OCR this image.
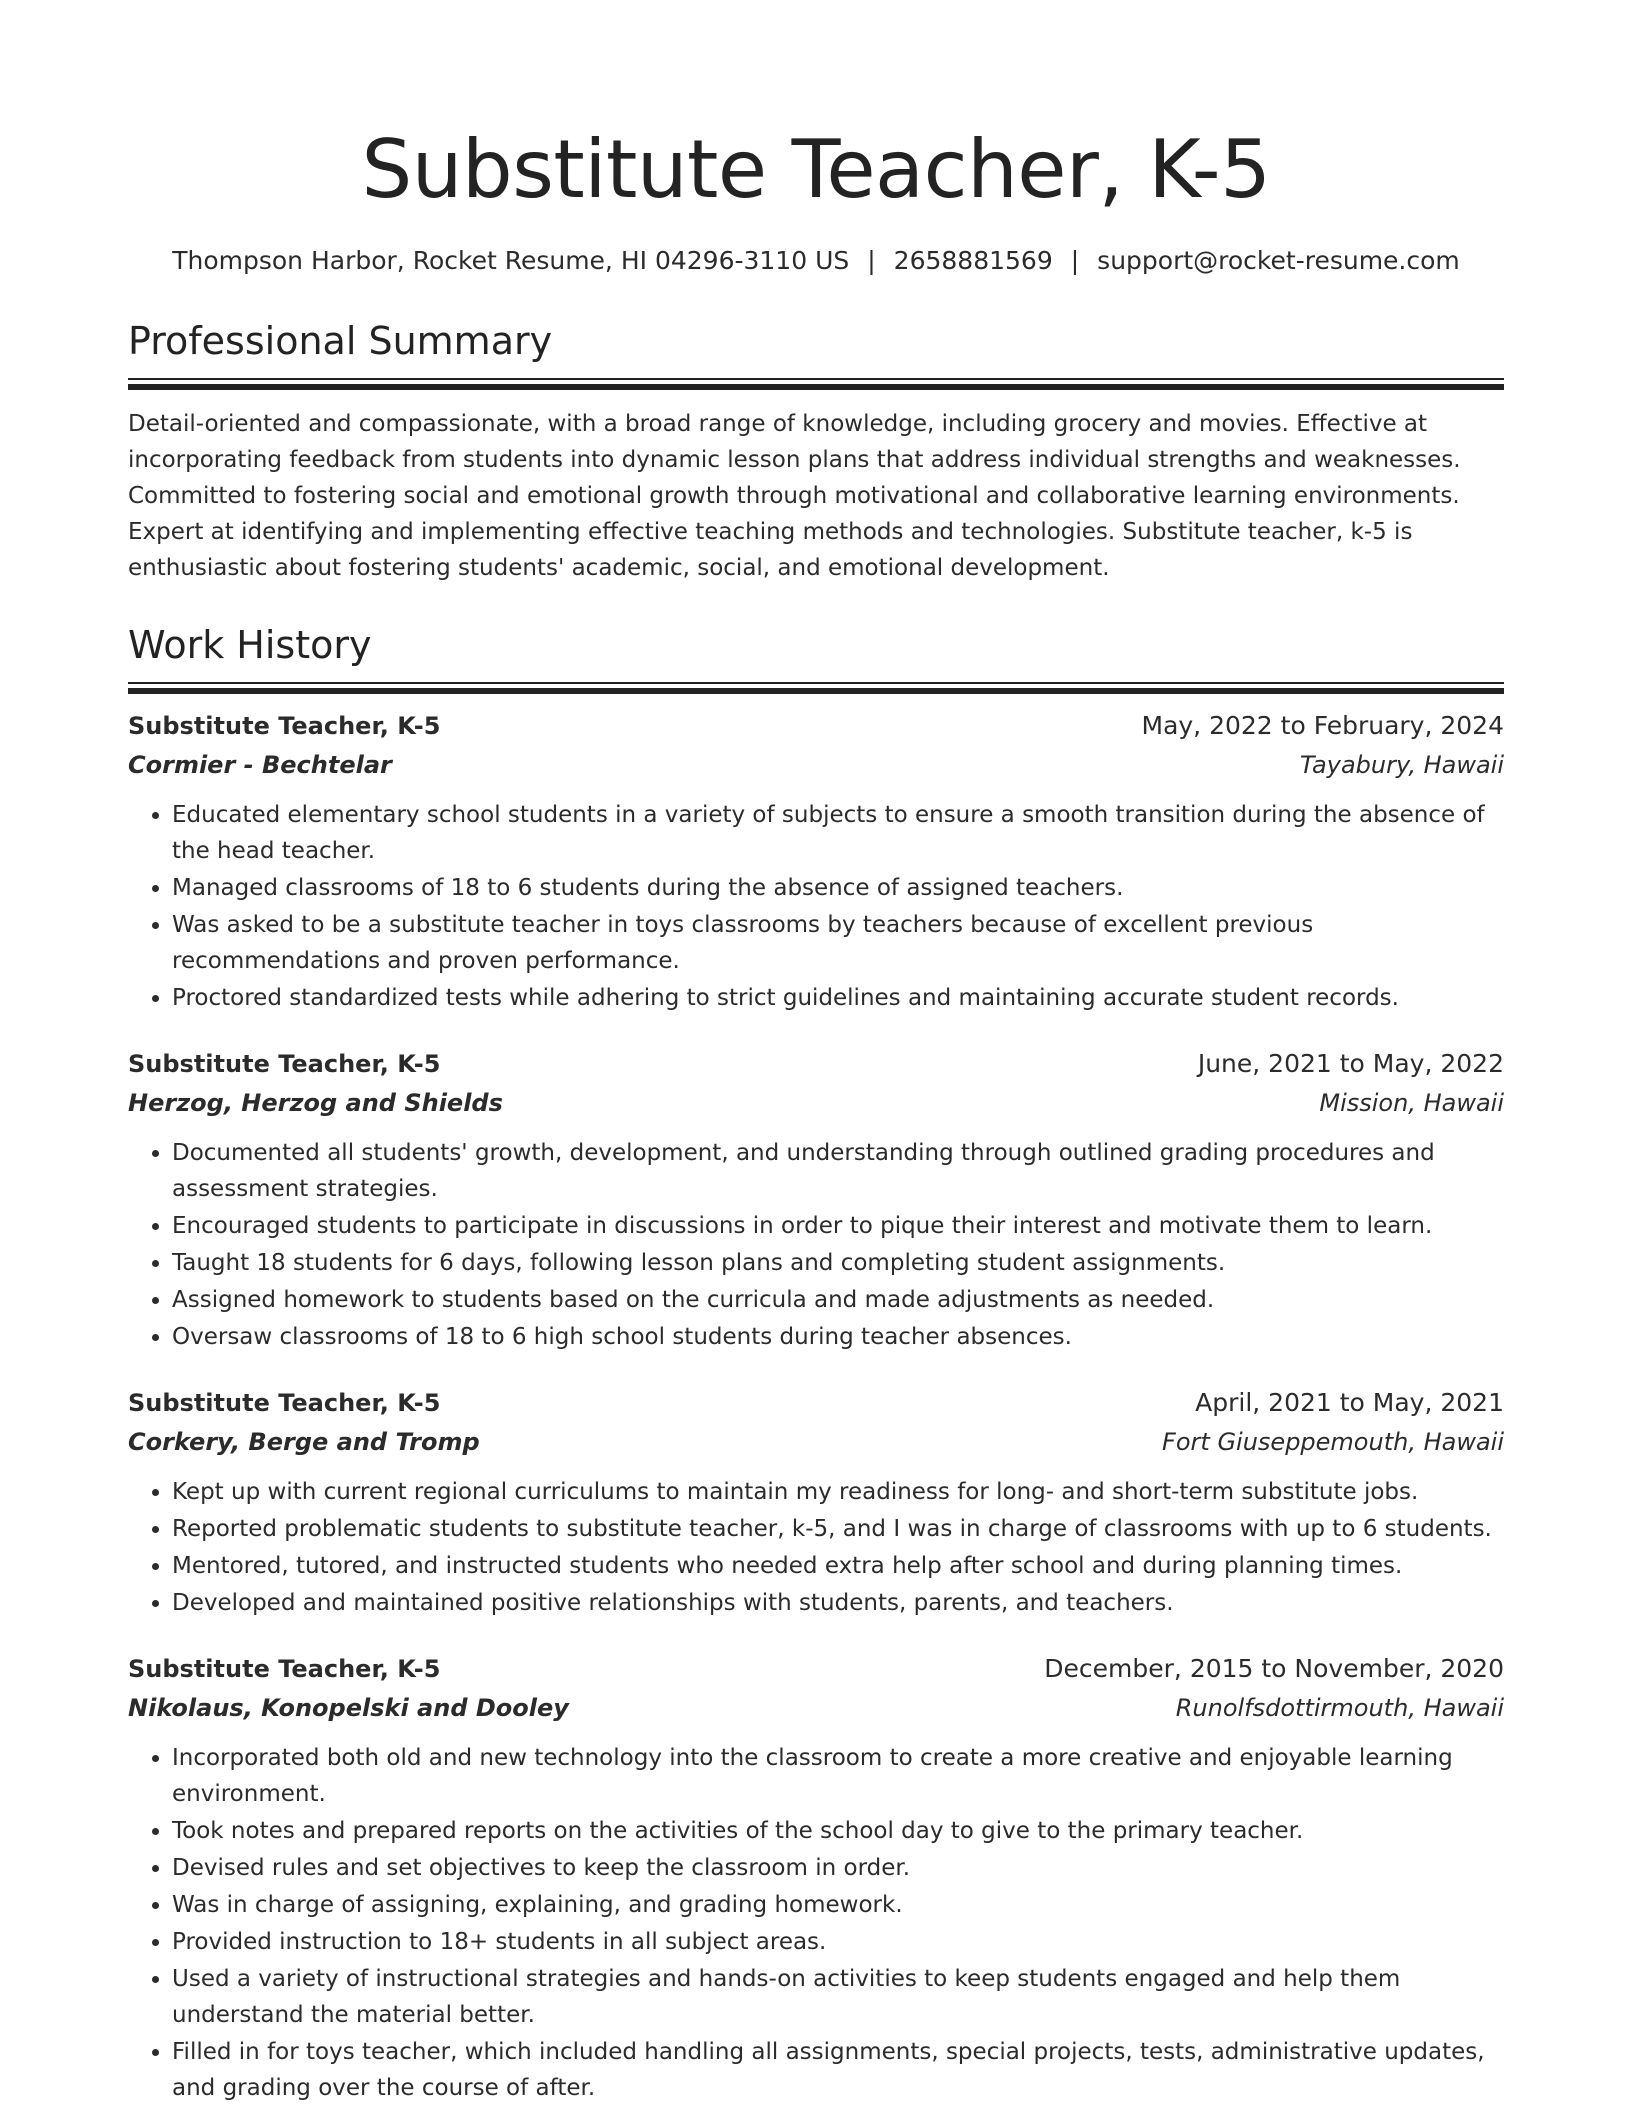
Substitute Teacher, K-5
Thompson Harbor, Rocket Resume, HI 04296-3110 US | 2658881569 | support@rocket-resume.com
Professional Summary

Detail-oriented and compassionate, with a broad range of knowledge, including grocery and movies. Effective at incorporating feedback from students into dynamic lesson plans that address individual strengths and weaknesses. Committed to fostering social and emotional growth through motivational and collaborative learning environments. Expert at identifying and implementing effective teaching methods and technologies. Substitute teacher, k-5 is enthusiastic about fostering students' academic, social, and emotional development.

Work History
Substitute Teacher, K-5	May, 2022 to February, 2024
Cormier - Bechtelar	Tayabury, Hawaii
• Educated elementary school students in a variety of subjects to ensure a smooth transition during the absence of the head teacher.
• Managed classrooms of 18 to 6 students during the absence of assigned teachers.
• Was asked to be a substitute teacher in toys classrooms by teachers because of excellent previous recommendations and proven performance.
• Proctored standardized tests while adhering to strict guidelines and maintaining accurate student records.
Substitute Teacher, K-5	June, 2021 to May, 2022
Herzog, Herzog and Shields	Mission, Hawaii
• Documented all students' growth, development, and understanding through outlined grading procedures and assessment strategies.
• Encouraged students to participate in discussions in order to pique their interest and motivate them to learn.
• Taught 18 students for 6 days, following lesson plans and completing student assignments.
• Assigned homework to students based on the curricula and made adjustments as needed.
• Oversaw classrooms of 18 to 6 high school students during teacher absences.
Substitute Teacher, K-5	April, 2021 to May, 2021
Corkery, Berge and Tromp	Fort Giuseppemouth, Hawaii
• Kept up with current regional curriculums to maintain my readiness for long- and short-term substitute jobs.
• Reported problematic students to substitute teacher, k-5, and I was in charge of classrooms with up to 6 students.
• Mentored, tutored, and instructed students who needed extra help after school and during planning times.
• Developed and maintained positive relationships with students, parents, and teachers.
Substitute Teacher, K-5	December, 2015 to November, 2020
Nikolaus, Konopelski and Dooley	Runolfsdottirmouth, Hawaii
• Incorporated both old and new technology into the classroom to create a more creative and enjoyable learning environment.
• Took notes and prepared reports on the activities of the school day to give to the primary teacher.
• Devised rules and set objectives to keep the classroom in order.
• Was in charge of assigning, explaining, and grading homework.
• Provided instruction to 18+ students in all subject areas.
• Used a variety of instructional strategies and hands-on activities to keep students engaged and help them understand the material better.
• Filled in for toys teacher, which included handling all assignments, special projects, tests, administrative updates, and grading over the course of after.
